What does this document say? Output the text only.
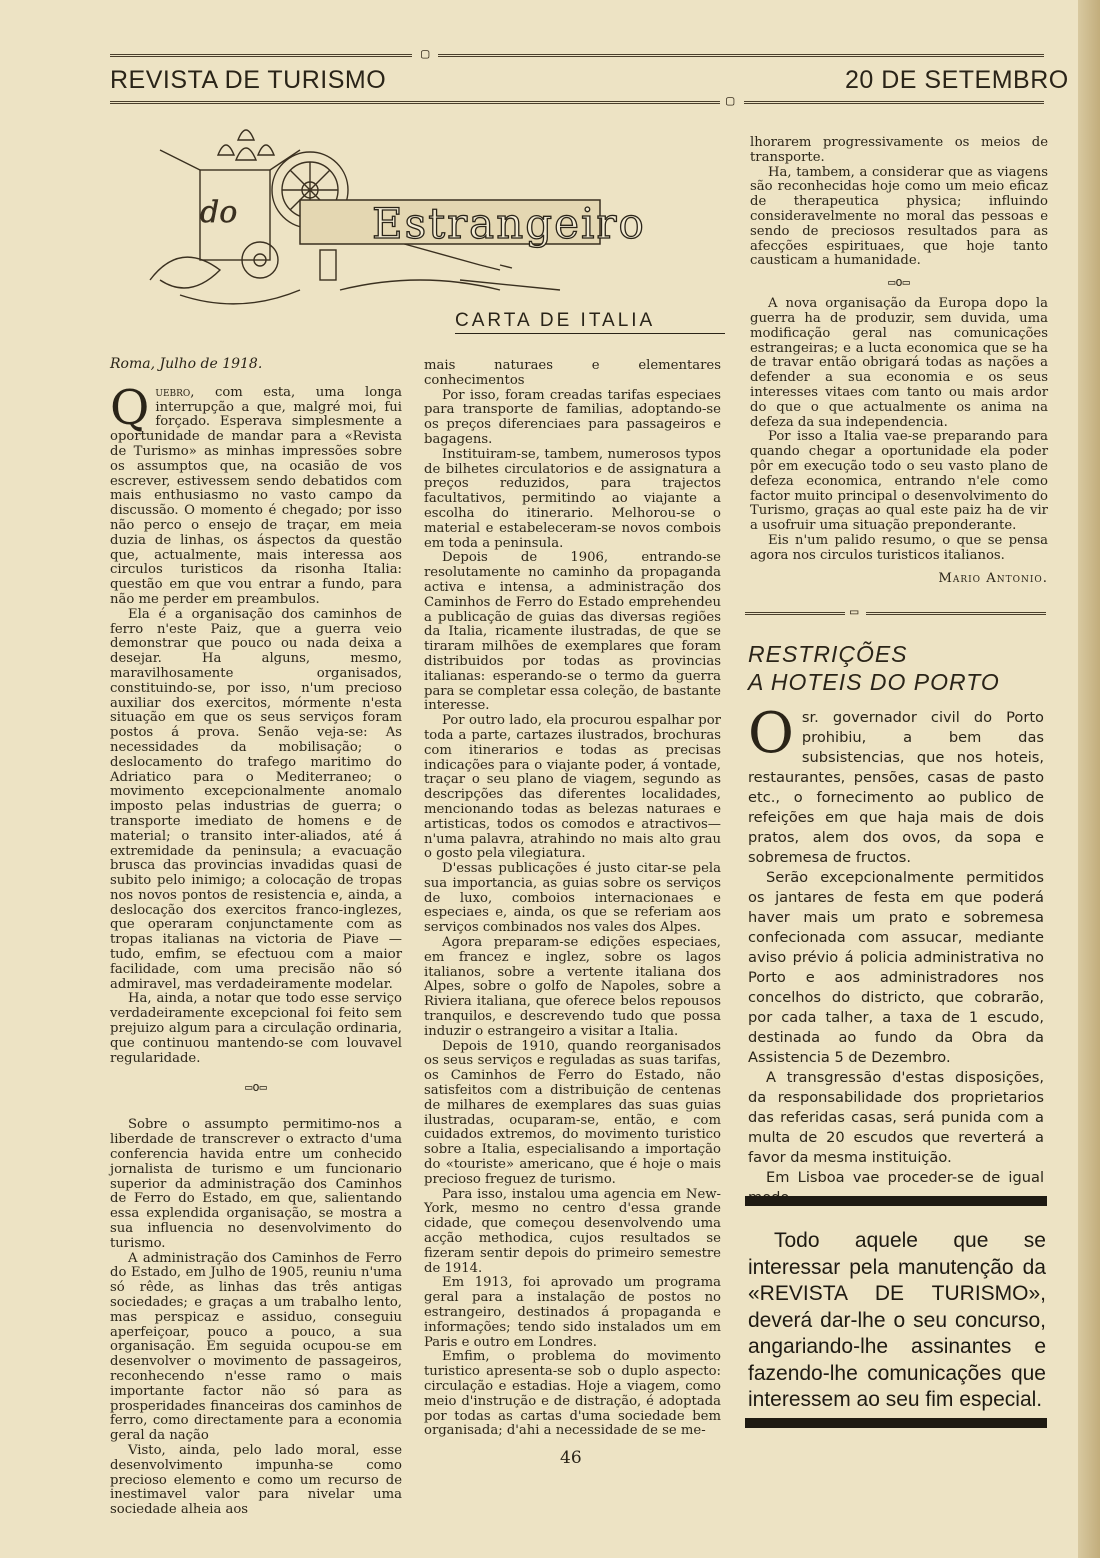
▢
REVISTA DE TURISMO	20 DE SETEMBRO
▢
do	Estrangeiro
CARTA DE ITALIA
Roma, Julho de 1918.

Quebro, com esta, uma longa interrupção a que, malgré moi, fui forçado. Esperava simplesmente a oportunidade de mandar para a «Revista de Turismo» as minhas impressões sobre os assumptos que, na ocasião de vos escrever, estivessem sendo debatidos com mais enthusiasmo no vasto campo da discussão. O momento é chegado; por isso não perco o ensejo de traçar, em meia duzia de linhas, os áspectos da questão que, actualmente, mais interessa aos circulos turisticos da risonha Italia: questão em que vou entrar a fundo, para não me perder em preambulos.

Ela é a organisação dos caminhos de ferro n'este Paiz, que a guerra veio demonstrar que pouco ou nada deixa a desejar. Ha alguns, mesmo, maravilhosamente organisados, constituindo-se, por isso, n'um precioso auxiliar dos exercitos, mórmente n'esta situação em que os seus serviços foram postos á prova. Senão veja-se: As necessidades da mobilisação; o deslocamento do trafego maritimo do Adriatico para o Mediterraneo; o movimento excepcionalmente anomalo imposto pelas industrias de guerra; o transporte imediato de homens e de material; o transito inter-aliados, até á extremidade da peninsula; a evacuação brusca das provincias invadidas quasi de subito pelo inimigo; a colocação de tropas nos novos pontos de resistencia e, ainda, a deslocação dos exercitos franco-inglezes, que operaram conjunctamente com as tropas italianas na victoria de Piave — tudo, emfim, se efectuou com a maior facilidade, com uma precisão não só admiravel, mas verdadeiramente modelar.

Ha, ainda, a notar que todo esse serviço verdadeiramente excepcional foi feito sem prejuizo algum para a circulação ordinaria, que continuou mantendo-se com louvavel regularidade.

▭o▭

Sobre o assumpto permitimo-nos a liberdade de transcrever o extracto d'uma conferencia havida entre um conhecido jornalista de turismo e um funcionario superior da administração dos Caminhos de Ferro do Estado, em que, salientando essa explendida organisação, se mostra a sua influencia no desenvolvimento do turismo.

A administração dos Caminhos de Ferro do Estado, em Julho de 1905, reuniu n'uma só rêde, as linhas das três antigas sociedades; e graças a um trabalho lento, mas perspicaz e assiduo, conseguiu aperfeiçoar, pouco a pouco, a sua organisação. Em seguida ocupou-se em desenvolver o movimento de passageiros, reconhecendo n'esse ramo o mais importante factor não só para as prosperidades financeiras dos caminhos de ferro, como directamente para a economia geral da nação

Visto, ainda, pelo lado moral, esse desenvolvimento impunha-se como precioso elemento e como um recurso de inestimavel valor para nivelar uma sociedade alheia aos

mais naturaes e elementares conhecimentos

Por isso, foram creadas tarifas especiaes para transporte de familias, adoptando-se os preços diferenciaes para passageiros e bagagens.

Instituiram-se, tambem, numerosos typos de bilhetes circulatorios e de assignatura a preços reduzidos, para trajectos facultativos, permitindo ao viajante a escolha do itinerario. Melhorou-se o material e estabeleceram-se novos combois em toda a peninsula.

Depois de 1906, entrando-se resolutamente no caminho da propaganda activa e intensa, a administração dos Caminhos de Ferro do Estado emprehendeu a publicação de guias das diversas regiões da Italia, ricamente ilustradas, de que se tiraram milhões de exemplares que foram distribuidos por todas as provincias italianas: esperando-se o termo da guerra para se completar essa coleção, de bastante interesse.

Por outro lado, ela procurou espalhar por toda a parte, cartazes ilustrados, brochuras com itinerarios e todas as precisas indicações para o viajante poder, á vontade, traçar o seu plano de viagem, segundo as descripções das diferentes localidades, mencionando todas as belezas naturaes e artisticas, todos os comodos e atractivos—n'uma palavra, atrahindo no mais alto grau o gosto pela vilegiatura.

D'essas publicações é justo citar-se pela sua importancia, as guias sobre os serviços de luxo, comboios internacionaes e especiaes e, ainda, os que se referiam aos serviços combinados nos vales dos Alpes.

Agora preparam-se edições especiaes, em francez e inglez, sobre os lagos italianos, sobre a vertente italiana dos Alpes, sobre o golfo de Napoles, sobre a Riviera italiana, que oferece belos repousos tranquilos, e descrevendo tudo que possa induzir o estrangeiro a visitar a Italia.

Depois de 1910, quando reorganisados os seus serviços e reguladas as suas tarifas, os Caminhos de Ferro do Estado, não satisfeitos com a distribuição de centenas de milhares de exemplares das suas guias ilustradas, ocuparam-se, então, e com cuidados extremos, do movimento turistico sobre a Italia, especialisando a importação do «touriste» americano, que é hoje o mais precioso freguez de turismo.

Para isso, instalou uma agencia em New-York, mesmo no centro d'essa grande cidade, que começou desenvolvendo uma acção methodica, cujos resultados se fizeram sentir depois do primeiro semestre de 1914.

Em 1913, foi aprovado um programa geral para a instalação de postos no estrangeiro, destinados á propaganda e informações; tendo sido instalados um em Paris e outro em Londres.

Emfim, o problema do movimento turistico apresenta-se sob o duplo aspecto: circulação e estadias. Hoje a viagem, como meio d'instrução e de distração, é adoptada por todas as cartas d'uma sociedade bem organisada; d'ahi a necessidade de se me-

lhorarem progressivamente os meios de transporte.

Ha, tambem, a considerar que as viagens são reconhecidas hoje como um meio eficaz de therapeutica physica; influindo consideravelmente no moral das pessoas e sendo de preciosos resultados para as afecções espirituaes, que hoje tanto causticam a humanidade.

▭o▭

A nova organisação da Europa dopo la guerra ha de produzir, sem duvida, uma modificação geral nas comunicações estrangeiras; e a lucta economica que se ha de travar então obrigará todas as nações a defender a sua economia e os seus interesses vitaes com tanto ou mais ardor do que o que actualmente os anima na defeza da sua independencia.

Por isso a Italia vae-se preparando para quando chegar a oportunidade ela poder pôr em execução todo o seu vasto plano de defeza economica, entrando n'ele como factor muito principal o desenvolvimento do Turismo, graças ao qual este paiz ha de vir a usofruir uma situação preponderante.

Eis n'um palido resumo, o que se pensa agora nos circulos turisticos italianos.

Mario Antonio.
▭
RESTRIÇÕES
A HOTEIS DO PORTO

Osr. governador civil do Porto prohibiu, a bem das subsistencias, que nos hoteis, restaurantes, pensões, casas de pasto etc., o fornecimento ao publico de refeições em que haja mais de dois pratos, alem dos ovos, da sopa e sobremesa de fructos.

Serão excepcionalmente permitidos os jantares de festa em que poderá haver mais um prato e sobremesa confecionada com assucar, mediante aviso prévio á policia administrativa no Porto e aos administradores nos concelhos do districto, que cobrarão, por cada talher, a taxa de 1 escudo, destinada ao fundo da Obra da Assistencia 5 de Dezembro.

A transgressão d'estas disposições, da responsabilidade dos proprietarios das referidas casas, será punida com a multa de 20 escudos que reverterá a favor da mesma instituição.

Em Lisboa vae proceder-se de igual

Todo aquele que se interessar pela manutenção da «REVISTA DE TURISMO», deverá dar-lhe o seu concurso, angariando-lhe assinantes e fazendo-lhe comunicações que interessem ao seu fim especial.

46
